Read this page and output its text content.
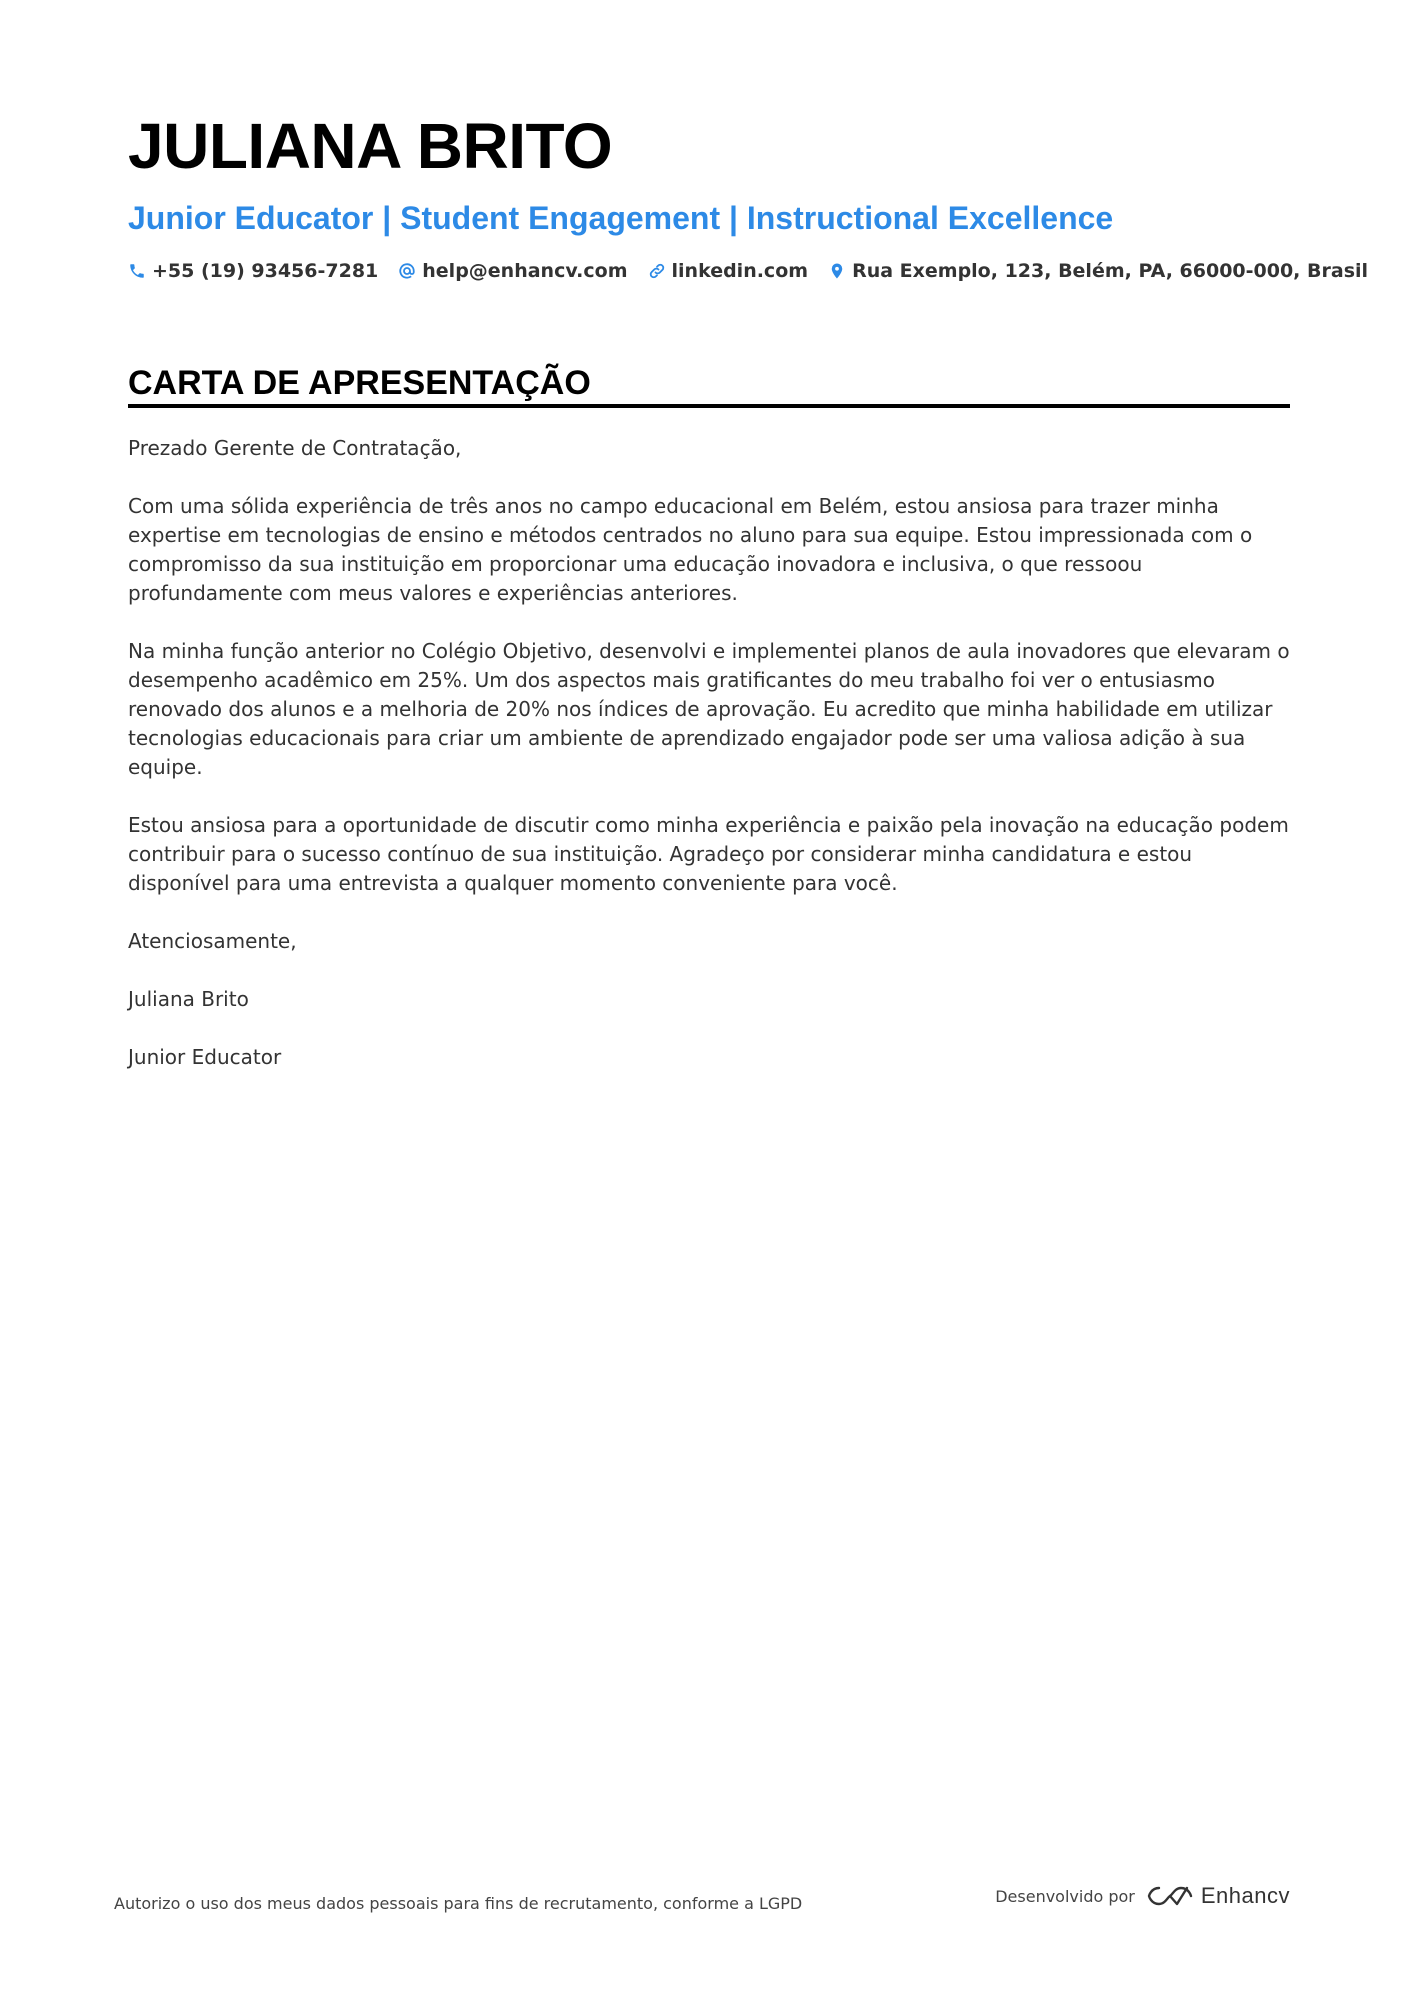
JULIANA BRITO
Junior Educator | Student Engagement | Instructional Excellence
+55 (19) 93456-7281 help@enhancv.com linkedin.com Rua Exemplo, 123, Belém, PA, 66000-000, Brasil
CARTA DE APRESENTAÇÃO

Prezado Gerente de Contratação,

Com uma sólida experiência de três anos no campo educacional em Belém, estou ansiosa para trazer minha expertise em tecnologias de ensino e métodos centrados no aluno para sua equipe. Estou impressionada com o compromisso da sua instituição em proporcionar uma educação inovadora e inclusiva, o que ressoou profundamente com meus valores e experiências anteriores.

Na minha função anterior no Colégio Objetivo, desenvolvi e implementei planos de aula inovadores que elevaram o desempenho acadêmico em 25%. Um dos aspectos mais gratificantes do meu trabalho foi ver o entusiasmo renovado dos alunos e a melhoria de 20% nos índices de aprovação. Eu acredito que minha habilidade em utilizar tecnologias educacionais para criar um ambiente de aprendizado engajador pode ser uma valiosa adição à sua equipe.

Estou ansiosa para a oportunidade de discutir como minha experiência e paixão pela inovação na educação podem contribuir para o sucesso contínuo de sua instituição. Agradeço por considerar minha candidatura e estou disponível para uma entrevista a qualquer momento conveniente para você.

Atenciosamente,

Juliana Brito

Junior Educator

Autorizo o uso dos meus dados pessoais para fins de recrutamento, conforme a LGPD	Desenvolvido por	Enhancv
